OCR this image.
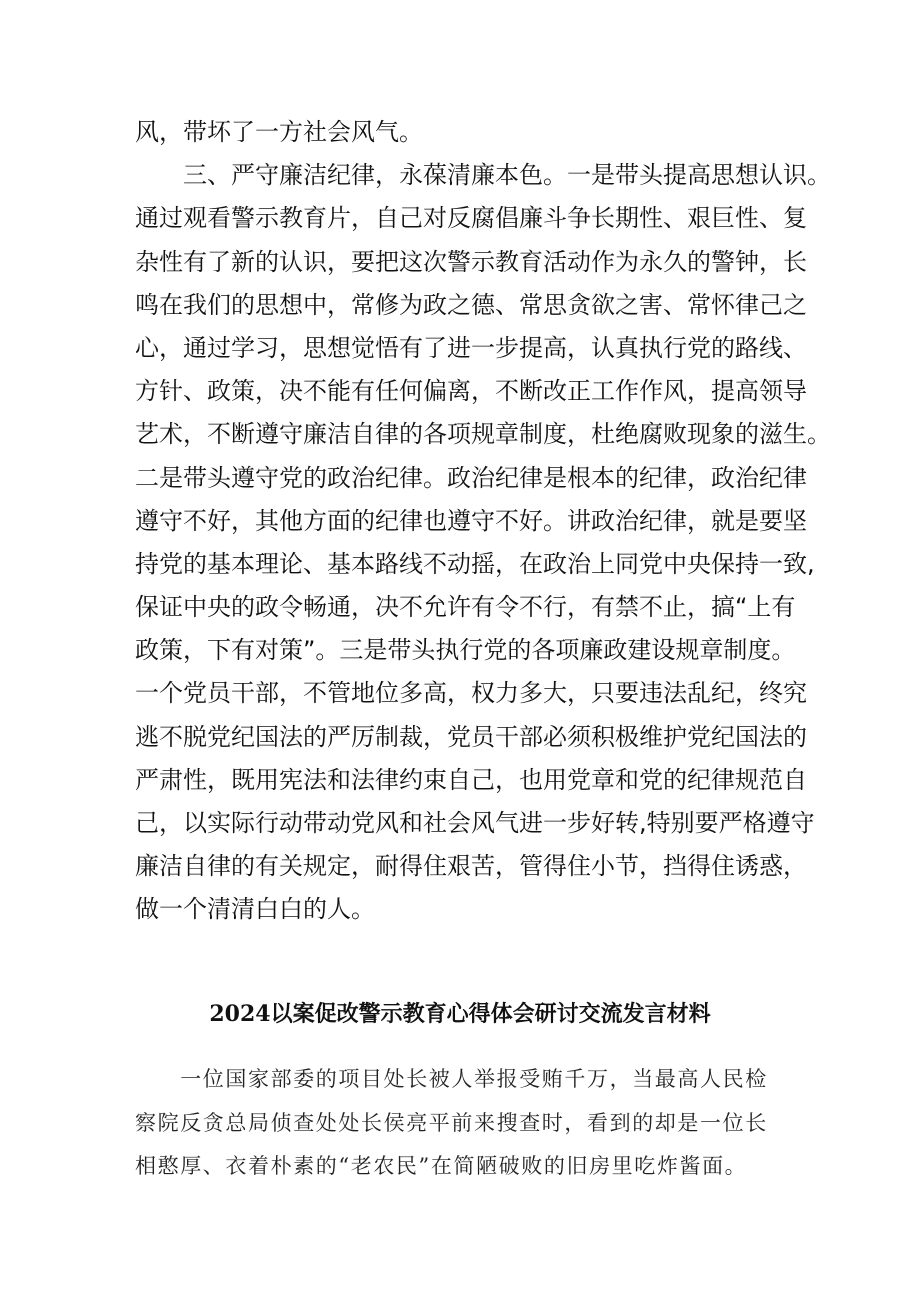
风，带坏了一方社会风气。
　　三、严守廉洁纪律，永葆清廉本色。一是带头提高思想认识。
通过观看警示教育片，自己对反腐倡廉斗争长期性、艰巨性、复
杂性有了新的认识，要把这次警示教育活动作为永久的警钟，长
鸣在我们的思想中，常修为政之德、常思贪欲之害、常怀律己之
心，通过学习，思想觉悟有了进一步提高，认真执行党的路线、
方针、政策，决不能有任何偏离，不断改正工作作风，提高领导
艺术，不断遵守廉洁自律的各项规章制度，杜绝腐败现象的滋生。
二是带头遵守党的政治纪律。政治纪律是根本的纪律，政治纪律
遵守不好，其他方面的纪律也遵守不好。讲政治纪律，就是要坚
持党的基本理论、基本路线不动摇，在政治上同党中央保持一致,
保证中央的政令畅通，决不允许有令不行，有禁不止，搞“上有
政策，下有对策”。三是带头执行党的各项廉政建设规章制度。
一个党员干部，不管地位多高，权力多大，只要违法乱纪，终究
逃不脱党纪国法的严厉制裁，党员干部必须积极维护党纪国法的
严肃性，既用宪法和法律约束自己，也用党章和党的纪律规范自
己，以实际行动带动党风和社会风气进一步好转,特别要严格遵守
廉洁自律的有关规定，耐得住艰苦，管得住小节，挡得住诱惑，
做一个清清白白的人。
2024以案促改警示教育心得体会研讨交流发言材料
　　一位国家部委的项目处长被人举报受贿千万，当最高人民检
察院反贪总局侦查处处长侯亮平前来搜查时，看到的却是一位长
相憨厚、衣着朴素的“老农民”在简陋破败的旧房里吃炸酱面。
